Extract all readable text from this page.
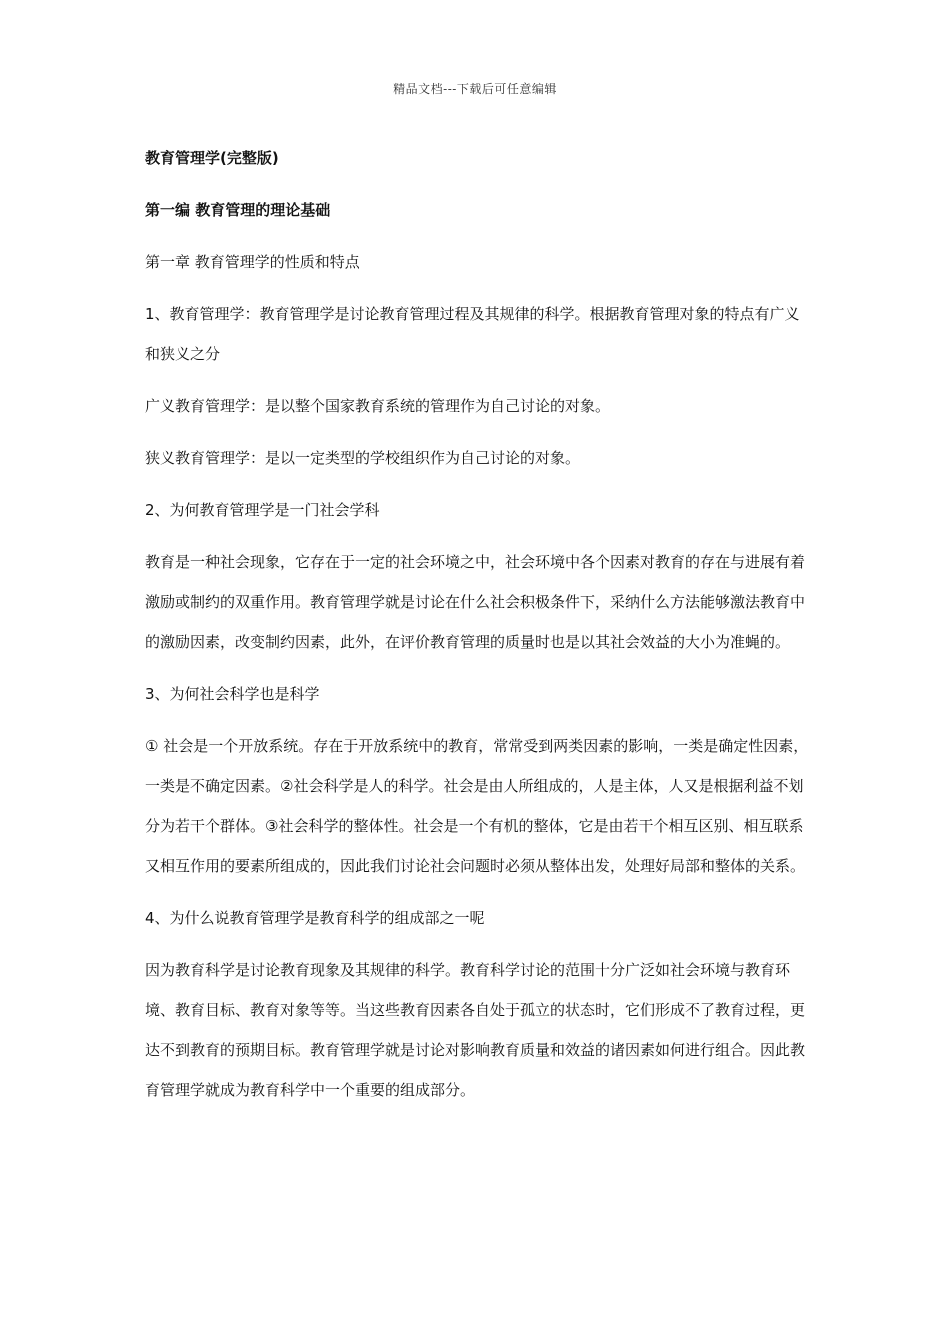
精品文档---下载后可任意编辑

教育管理学(完整版)

第一编 教育管理的理论基础

第一章 教育管理学的性质和特点

1、教育管理学：教育管理学是讨论教育管理过程及其规律的科学。根据教育管理对象的特点有广义和狭义之分

广义教育管理学：是以整个国家教育系统的管理作为自己讨论的对象。

狭义教育管理学：是以一定类型的学校组织作为自己讨论的对象。

2、为何教育管理学是一门社会学科

教育是一种社会现象，它存在于一定的社会环境之中，社会环境中各个因素对教育的存在与进展有着激励或制约的双重作用。教育管理学就是讨论在什么社会积极条件下，采纳什么方法能够激法教育中的激励因素，改变制约因素，此外，在评价教育管理的质量时也是以其社会效益的大小为准蝇的。

3、为何社会科学也是科学

① 社会是一个开放系统。存在于开放系统中的教育，常常受到两类因素的影响，一类是确定性因素，一类是不确定因素。②社会科学是人的科学。社会是由人所组成的，人是主体，人又是根据利益不划分为若干个群体。③社会科学的整体性。社会是一个有机的整体，它是由若干个相互区别、相互联系又相互作用的要素所组成的，因此我们讨论社会问题时必须从整体出发，处理好局部和整体的关系。

4、为什么说教育管理学是教育科学的组成部之一呢

因为教育科学是讨论教育现象及其规律的科学。教育科学讨论的范围十分广泛如社会环境与教育环境、教育目标、教育对象等等。当这些教育因素各自处于孤立的状态时，它们形成不了教育过程，更达不到教育的预期目标。教育管理学就是讨论对影响教育质量和效益的诸因素如何进行组合。因此教育管理学就成为教育科学中一个重要的组成部分。
